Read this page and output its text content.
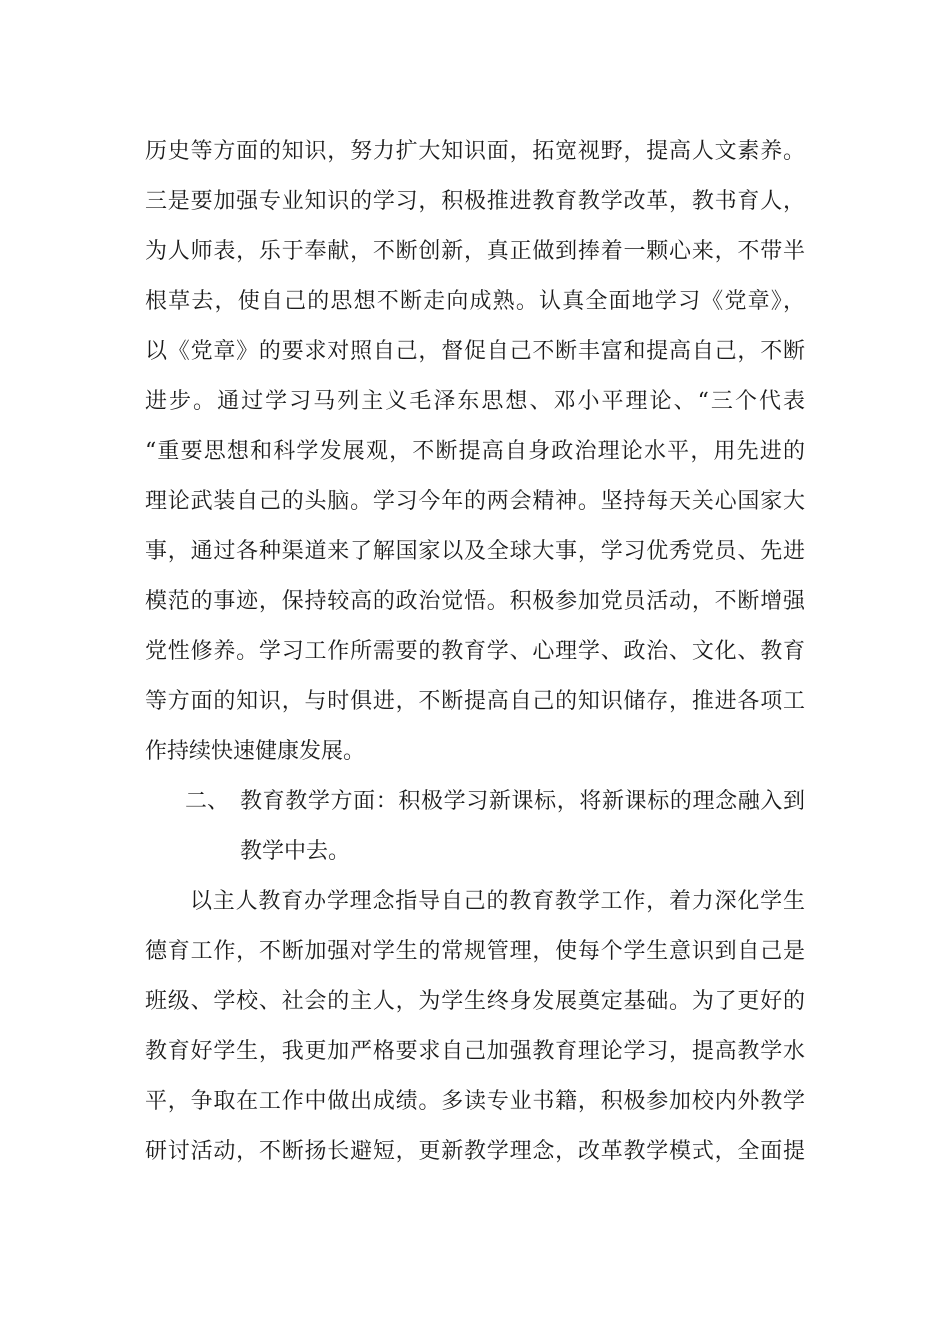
历史等方面的知识，努力扩大知识面，拓宽视野，提高人文素养。
三是要加强专业知识的学习，积极推进教育教学改革，教书育人，
为人师表，乐于奉献，不断创新，真正做到捧着一颗心来，不带半
根草去，使自己的思想不断走向成熟。认真全面地学习《党章》，
以《党章》的要求对照自己，督促自己不断丰富和提高自己，不断
进步。通过学习马列主义毛泽东思想、邓小平理论、“三个代表
“重要思想和科学发展观，不断提高自身政治理论水平，用先进的
理论武装自己的头脑。学习今年的两会精神。坚持每天关心国家大
事，通过各种渠道来了解国家以及全球大事，学习优秀党员、先进
模范的事迹，保持较高的政治觉悟。积极参加党员活动，不断增强
党性修养。学习工作所需要的教育学、心理学、政治、文化、教育
等方面的知识，与时俱进，不断提高自己的知识储存，推进各项工
作持续快速健康发展。
二、 教育教学方面：积极学习新课标，将新课标的理念融入到
教学中去。
以主人教育办学理念指导自己的教育教学工作，着力深化学生
德育工作，不断加强对学生的常规管理，使每个学生意识到自己是
班级、学校、社会的主人，为学生终身发展奠定基础。为了更好的
教育好学生，我更加严格要求自己加强教育理论学习，提高教学水
平，争取在工作中做出成绩。多读专业书籍，积极参加校内外教学
研讨活动，不断扬长避短，更新教学理念，改革教学模式，全面提
